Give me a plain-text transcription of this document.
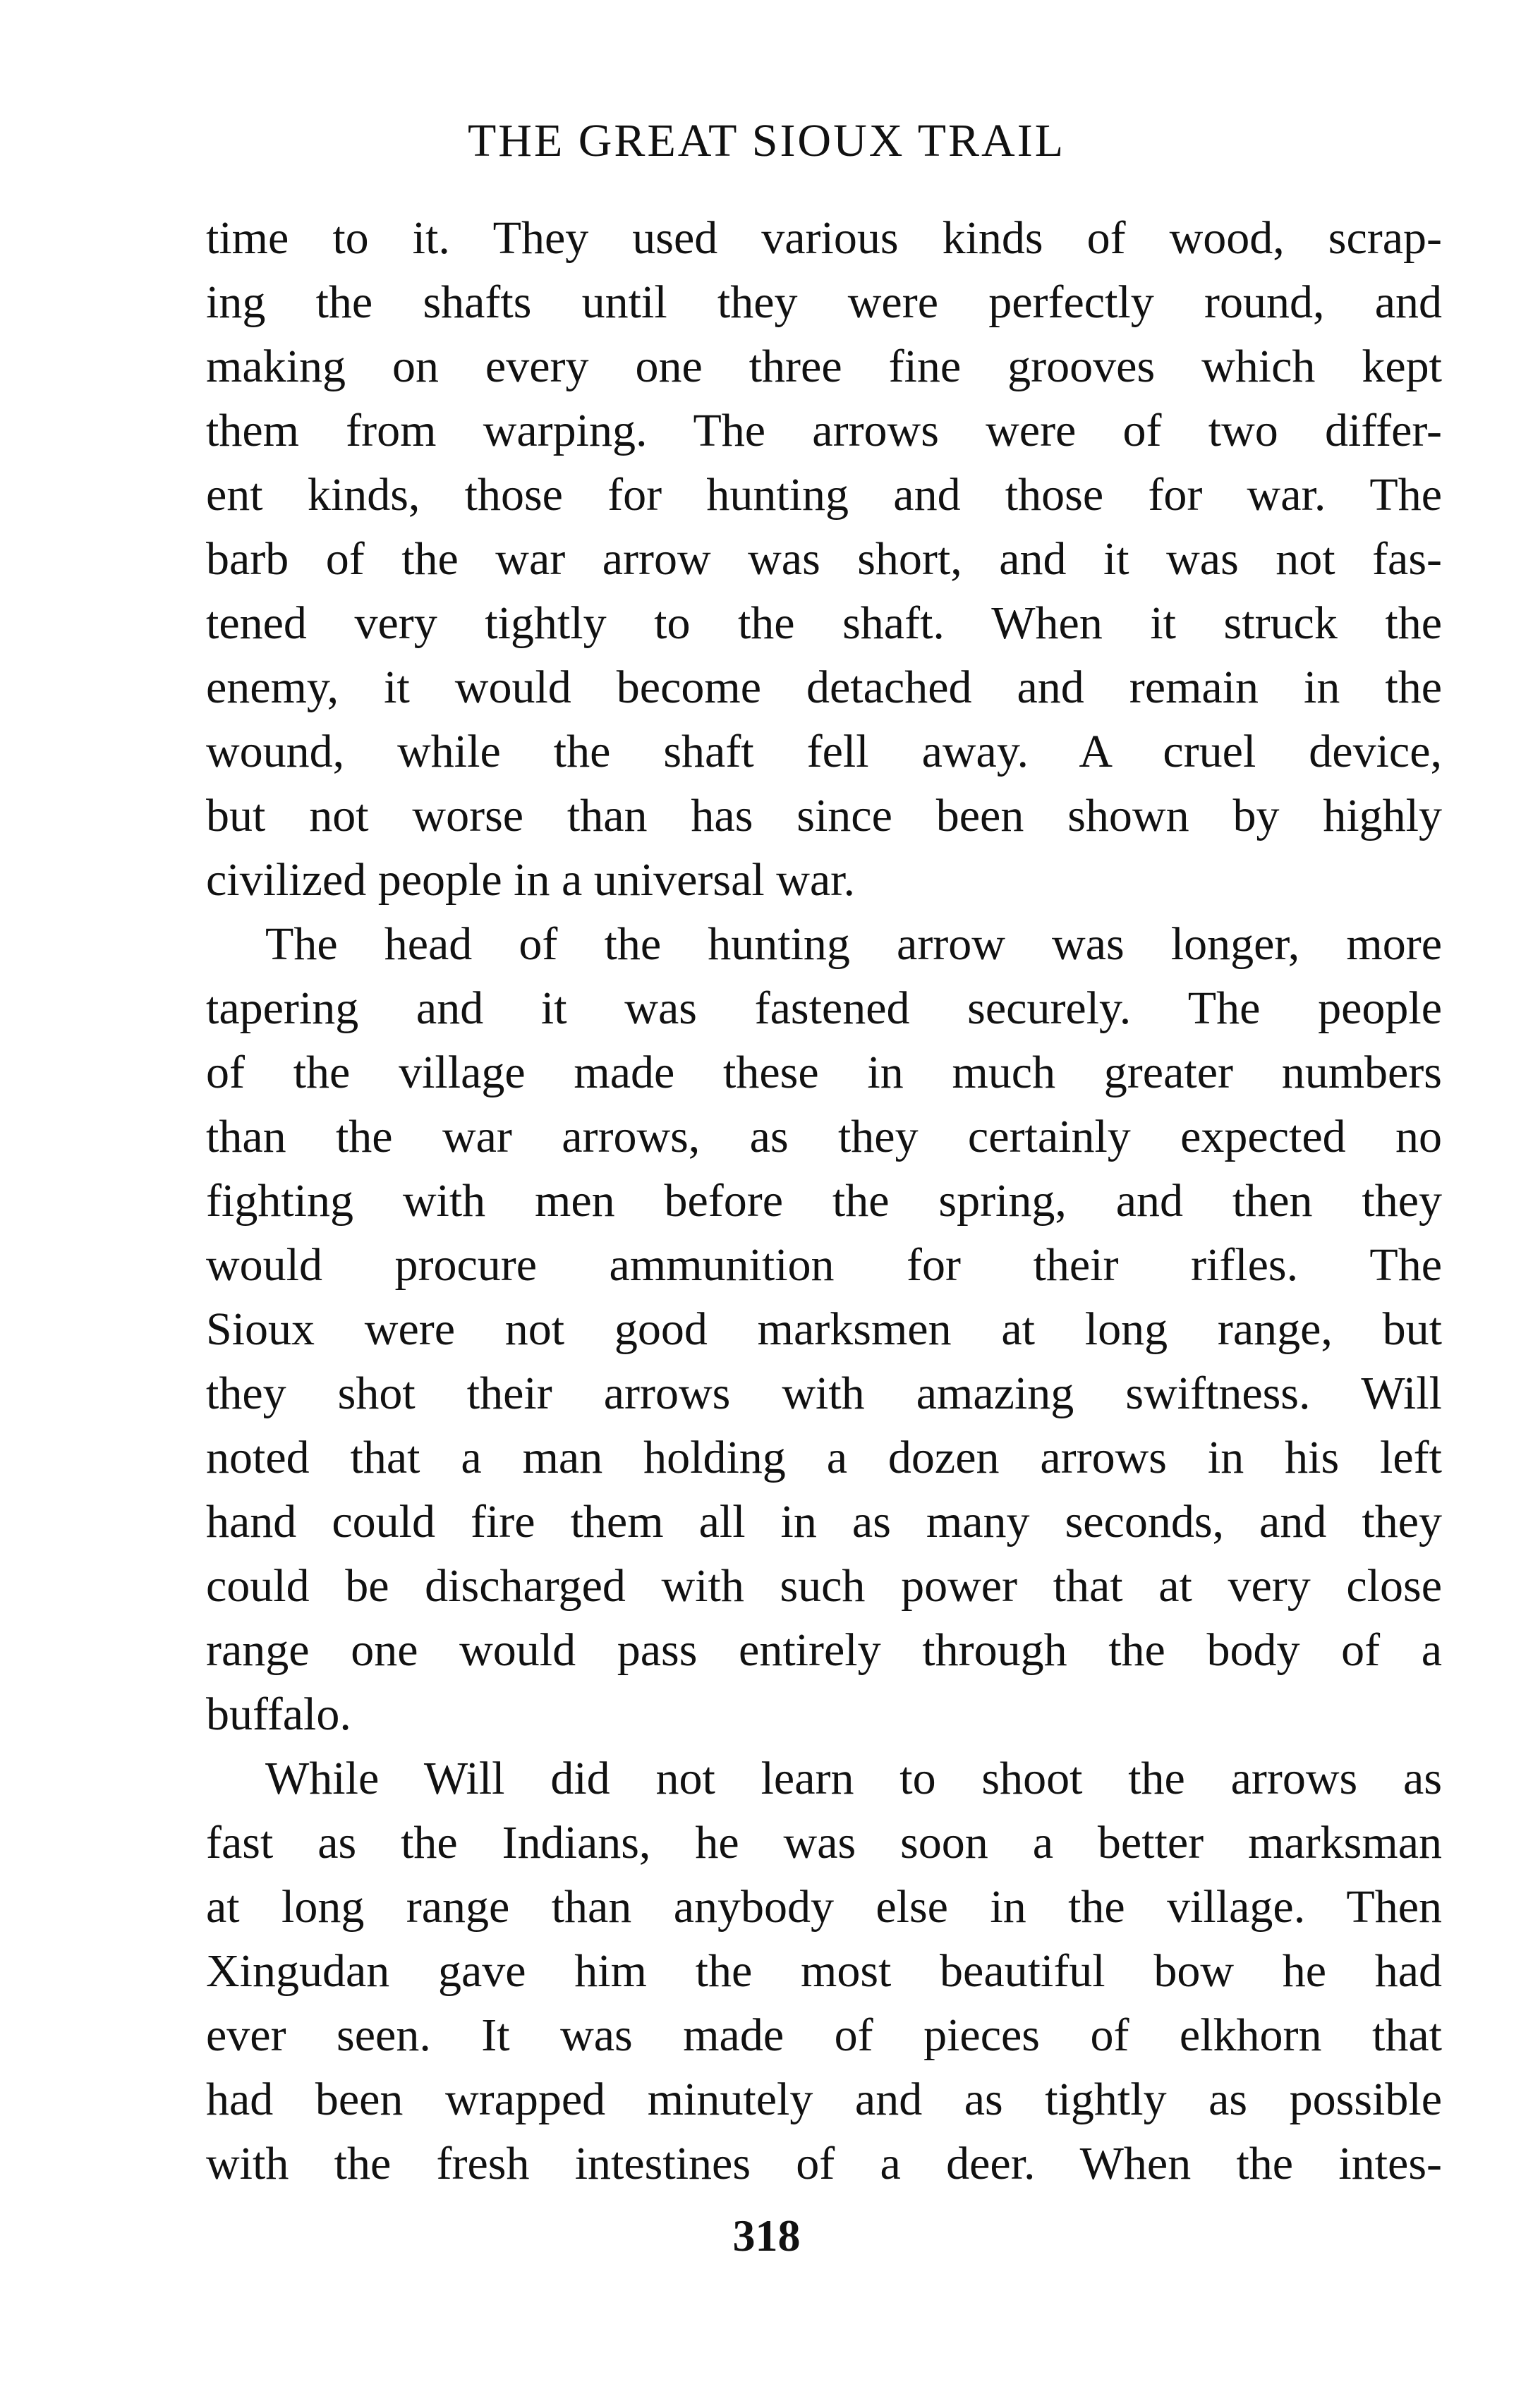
THE GREAT SIOUX TRAIL
time to it. They used various kinds of wood, scrap-
ing the shafts until they were perfectly round, and
making on every one three fine grooves which kept
them from warping. The arrows were of two differ-
ent kinds, those for hunting and those for war. The
barb of the war arrow was short, and it was not fas-
tened very tightly to the shaft. When it struck the
enemy, it would become detached and remain in the
wound, while the shaft fell away. A cruel device,
but not worse than has since been shown by highly
civilized people in a universal war.
The head of the hunting arrow was longer, more
tapering and it was fastened securely. The people
of the village made these in much greater numbers
than the war arrows, as they certainly expected no
fighting with men before the spring, and then they
would procure ammunition for their rifles. The
Sioux were not good marksmen at long range, but
they shot their arrows with amazing swiftness. Will
noted that a man holding a dozen arrows in his left
hand could fire them all in as many seconds, and they
could be discharged with such power that at very close
range one would pass entirely through the body of a
buffalo.
While Will did not learn to shoot the arrows as
fast as the Indians, he was soon a better marksman
at long range than anybody else in the village. Then
Xingudan gave him the most beautiful bow he had
ever seen. It was made of pieces of elkhorn that
had been wrapped minutely and as tightly as possible
with the fresh intestines of a deer. When the intes-
318
